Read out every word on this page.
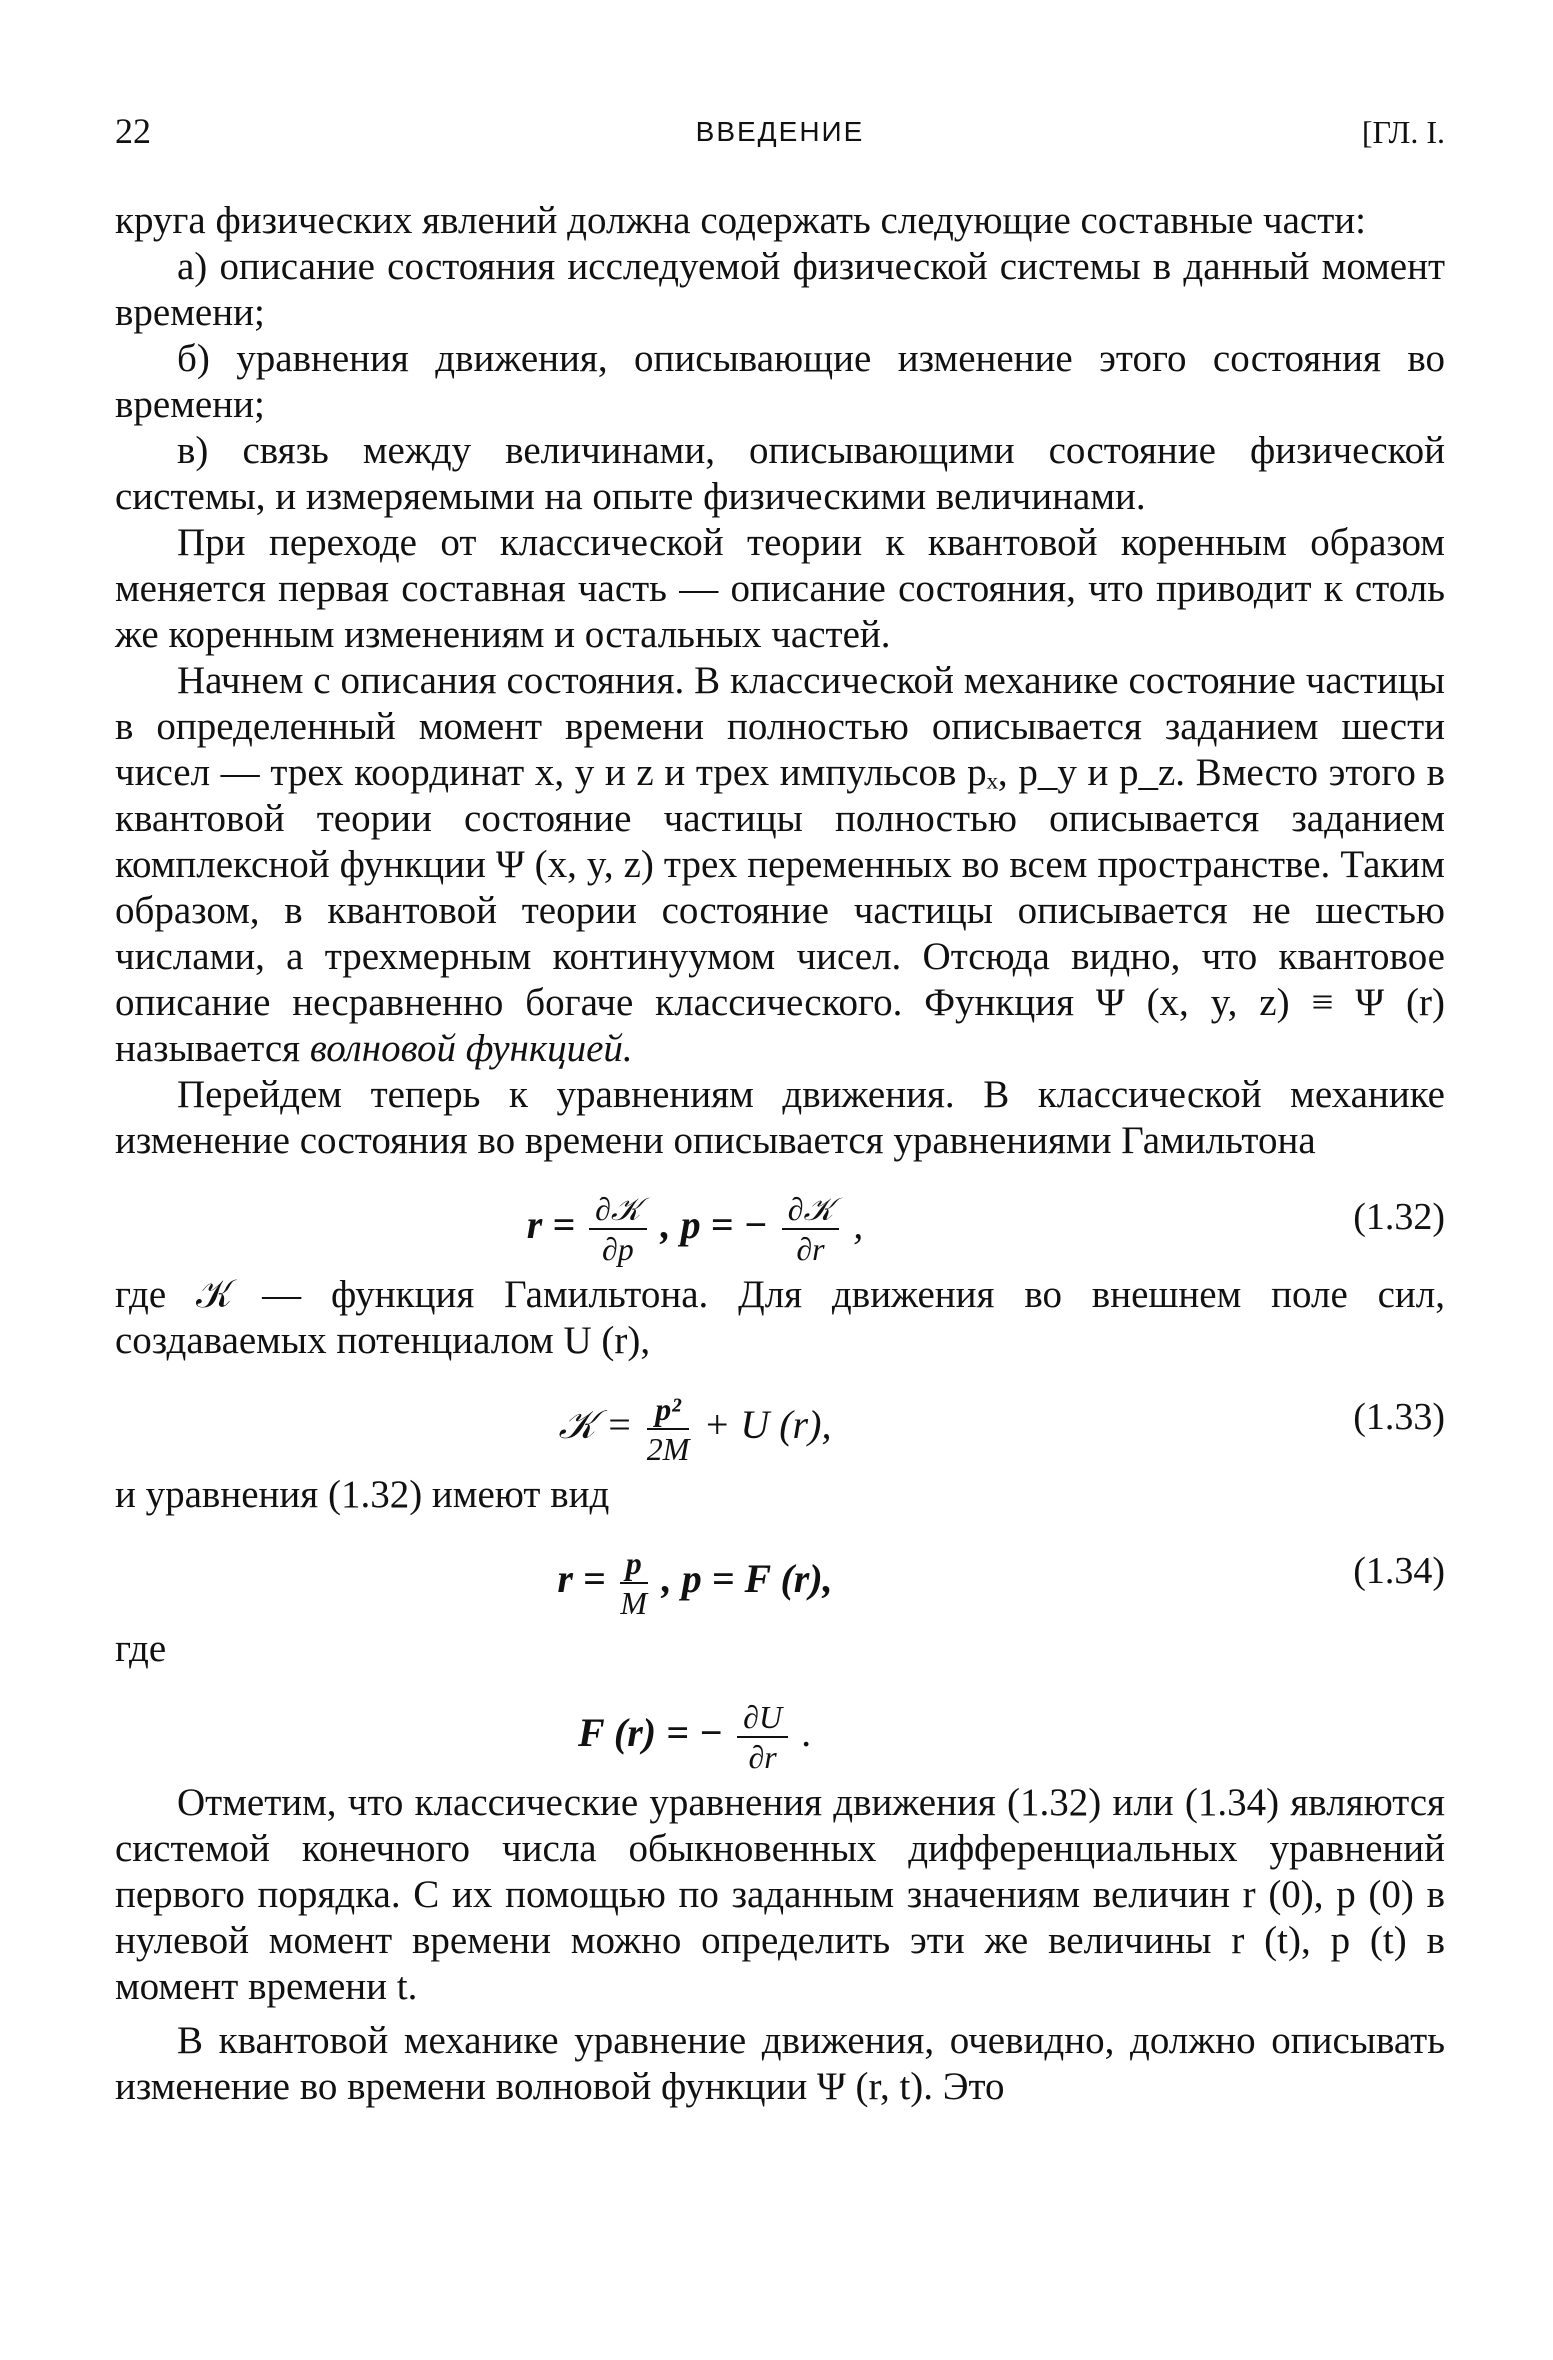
22	ВВЕДЕНИЕ	[ГЛ. I.

круга физических явлений должна содержать следующие составные части:

а) описание состояния исследуемой физической системы в данный момент времени;

б) уравнения движения, описывающие изменение этого состояния во времени;

в) связь между величинами, описывающими состояние физической системы, и измеряемыми на опыте физическими величинами.

При переходе от классической теории к квантовой коренным образом меняется первая составная часть — описание состояния, что приводит к столь же коренным изменениям и остальных частей.

Начнем с описания состояния. В классической механике состояние частицы в определенный момент времени полностью описывается заданием шести чисел — трех координат x, y и z и трех импульсов pₓ, p_y и p_z. Вместо этого в квантовой теории состояние частицы полностью описывается заданием комплексной функции Ψ (x, y, z) трех переменных во всем пространстве. Таким образом, в квантовой теории состояние частицы описывается не шестью числами, а трехмерным континуумом чисел. Отсюда видно, что квантовое описание несравненно богаче классического. Функция Ψ (x, y, z) ≡ Ψ (r) называется волновой функцией.

Перейдем теперь к уравнениям движения. В классической механике изменение состояния во времени описывается уравнениями Гамильтона

$r = \frac{\text{∂𝒦}}{\partial p}$ , p = − $\frac{\text{∂𝒦}}{\partial r}$ ,	(1.32)

где 𝒦 — функция Гамильтона. Для движения во внешнем поле сил, создаваемых потенциалом U (r),

𝒦 = $\frac{\text{p²}}{2M} + U$ (r),	(1.33)

и уравнения (1.32) имеют вид

$r = \frac{p}{M}$ , p = F (r),	(1.34)

где

F (r) = − $\frac{\partial U}{\partial r}$ .

Отметим, что классические уравнения движения (1.32) или (1.34) являются системой конечного числа обыкновенных дифференциальных уравнений первого порядка. С их помощью по заданным значениям величин r (0), p (0) в нулевой момент времени можно определить эти же величины r (t), p (t) в момент времени t.

В квантовой механике уравнение движения, очевидно, должно описывать изменение во времени волновой функции Ψ (r, t). Это
